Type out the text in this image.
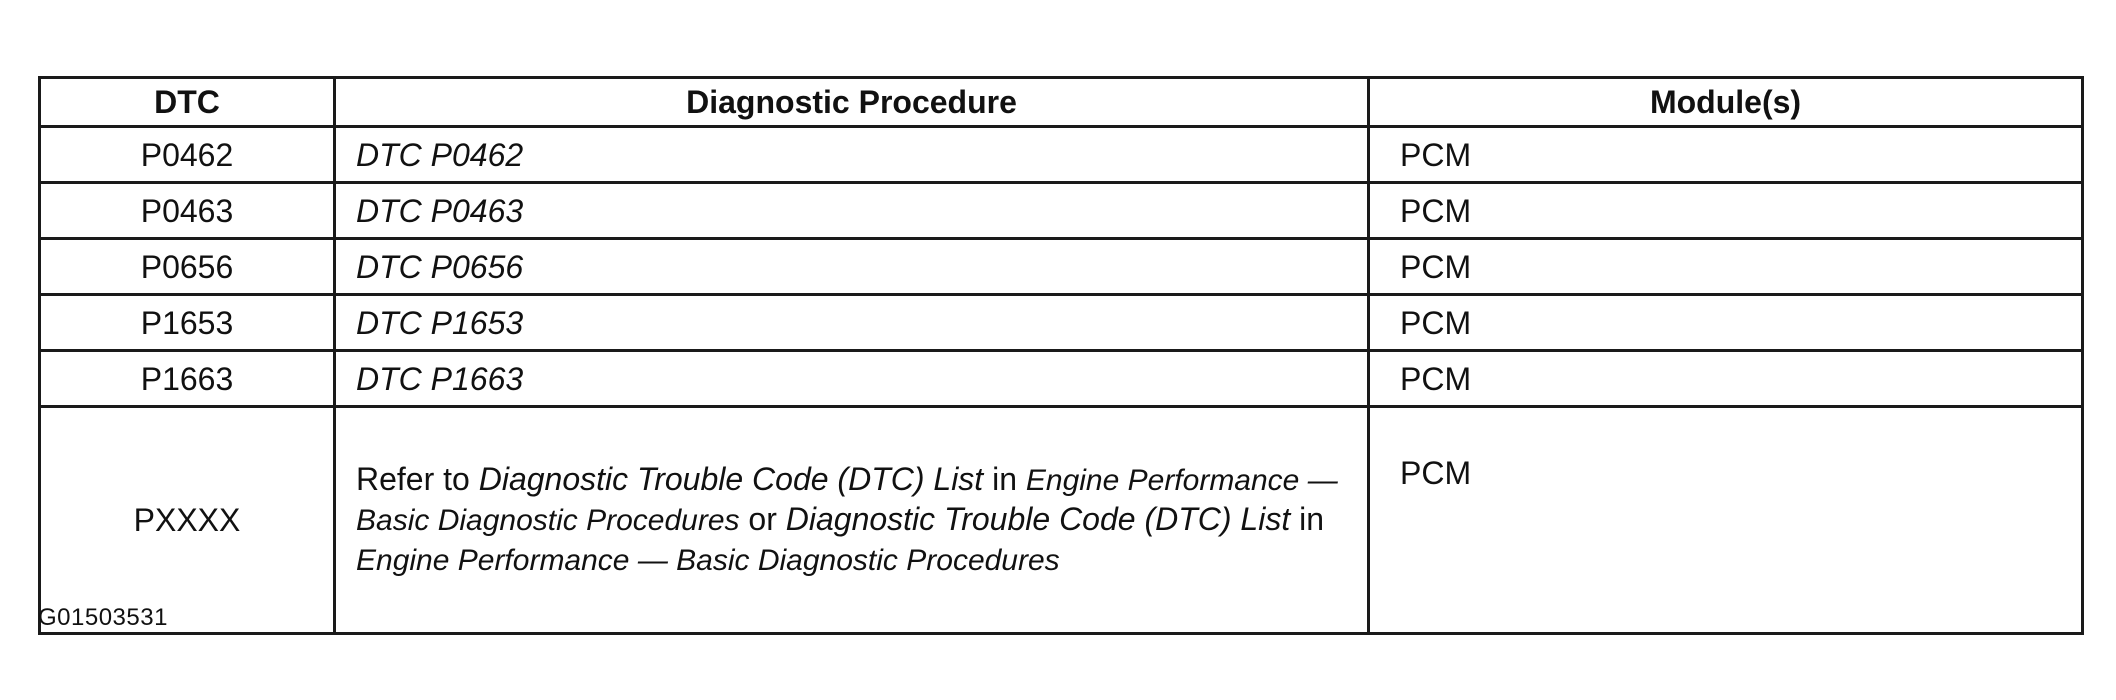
DTC	Diagnostic Procedure	Module(s)
P0462	DTC P0462	PCM
P0463	DTC P0463	PCM
P0656	DTC P0656	PCM
P1653	DTC P1653	PCM
P1663	DTC P1663	PCM
PXXXX	Refer to Diagnostic Trouble Code (DTC) List in Engine Performance — Basic Diagnostic Procedures or Diagnostic Trouble Code (DTC) List in Engine Performance — Basic Diagnostic Procedures	PCM
G01503531
